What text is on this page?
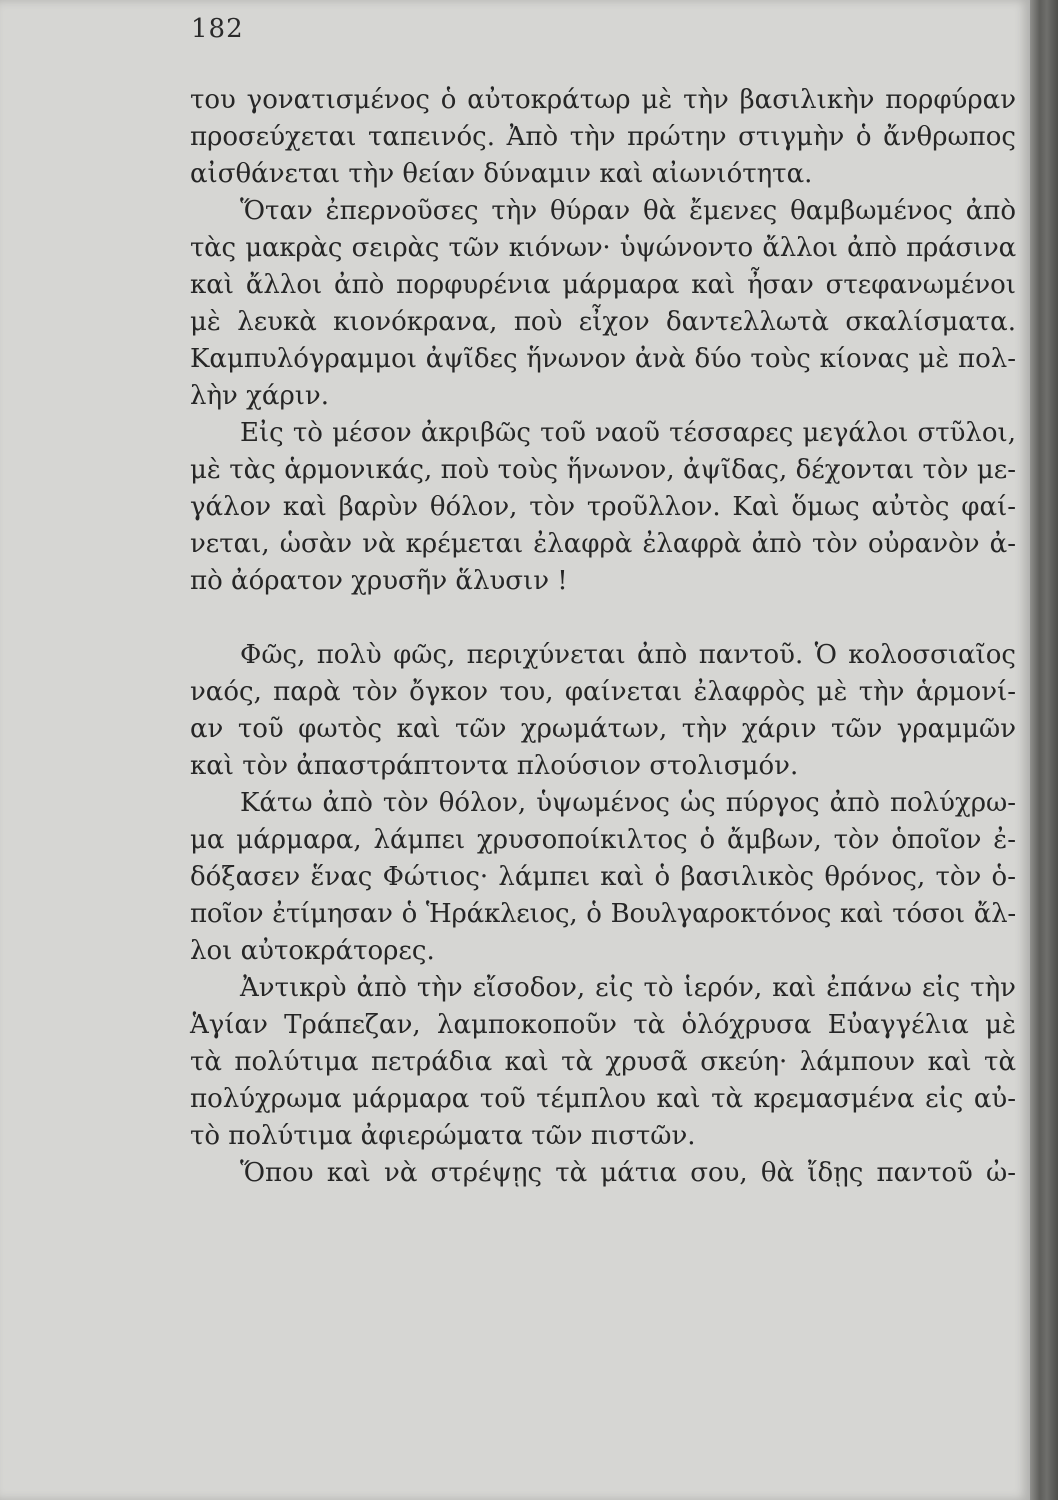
182
του γονατισμένος ὁ αὐτοκράτωρ μὲ τὴν βασιλικὴν πορφύραν
προσεύχεται ταπεινός. Ἀπὸ τὴν πρώτην στιγμὴν ὁ ἄνθρωπος
αἰσθάνεται τὴν θείαν δύναμιν καὶ αἰωνιότητα.
Ὅταν ἐπερνοῦσες τὴν θύραν θὰ ἔμενες θαμβωμένος ἀπὸ
τὰς μακρὰς σειρὰς τῶν κιόνων· ὑψώνοντο ἄλλοι ἀπὸ πράσινα
καὶ ἄλλοι ἀπὸ πορφυρένια μάρμαρα καὶ ἦσαν στεφανωμένοι
μὲ λευκὰ κιονόκρανα, ποὺ εἶχον δαντελλωτὰ σκαλίσματα.
Καμπυλόγραμμοι ἀψῖδες ἥνωνον ἀνὰ δύο τοὺς κίονας μὲ πολ-
λὴν χάριν.
Εἰς τὸ μέσον ἀκριβῶς τοῦ ναοῦ τέσσαρες μεγάλοι στῦλοι,
μὲ τὰς ἁρμονικάς, ποὺ τοὺς ἥνωνον, ἀψῖδας, δέχονται τὸν με-
γάλον καὶ βαρὺν θόλον, τὸν τροῦλλον. Καὶ ὅμως αὐτὸς φαί-
νεται, ὡσὰν νὰ κρέμεται ἐλαφρὰ ἐλαφρὰ ἀπὸ τὸν οὐρανὸν ἀ-
πὸ ἀόρατον χρυσῆν ἅλυσιν !
Φῶς, πολὺ φῶς, περιχύνεται ἀπὸ παντοῦ. Ὁ κολοσσιαῖος
ναός, παρὰ τὸν ὄγκον του, φαίνεται ἐλαφρὸς μὲ τὴν ἁρμονί-
αν τοῦ φωτὸς καὶ τῶν χρωμάτων, τὴν χάριν τῶν γραμμῶν
καὶ τὸν ἀπαστράπτοντα πλούσιον στολισμόν.
Κάτω ἀπὸ τὸν θόλον, ὑψωμένος ὡς πύργος ἀπὸ πολύχρω-
μα μάρμαρα, λάμπει χρυσοποίκιλτος ὁ ἄμβων, τὸν ὁποῖον ἐ-
δόξασεν ἕνας Φώτιος· λάμπει καὶ ὁ βασιλικὸς θρόνος, τὸν ὁ-
ποῖον ἐτίμησαν ὁ Ἡράκλειος, ὁ Βουλγαροκτόνος καὶ τόσοι ἄλ-
λοι αὐτοκράτορες.
Ἀντικρὺ ἀπὸ τὴν εἴσοδον, εἰς τὸ ἱερόν, καὶ ἐπάνω εἰς τὴν
Ἁγίαν Τράπεζαν, λαμποκοποῦν τὰ ὁλόχρυσα Εὐαγγέλια μὲ
τὰ πολύτιμα πετράδια καὶ τὰ χρυσᾶ σκεύη· λάμπουν καὶ τὰ
πολύχρωμα μάρμαρα τοῦ τέμπλου καὶ τὰ κρεμασμένα εἰς αὐ-
τὸ πολύτιμα ἀφιερώματα τῶν πιστῶν.
Ὅπου καὶ νὰ στρέψῃς τὰ μάτια σου, θὰ ἴδῃς παντοῦ ὠ-
